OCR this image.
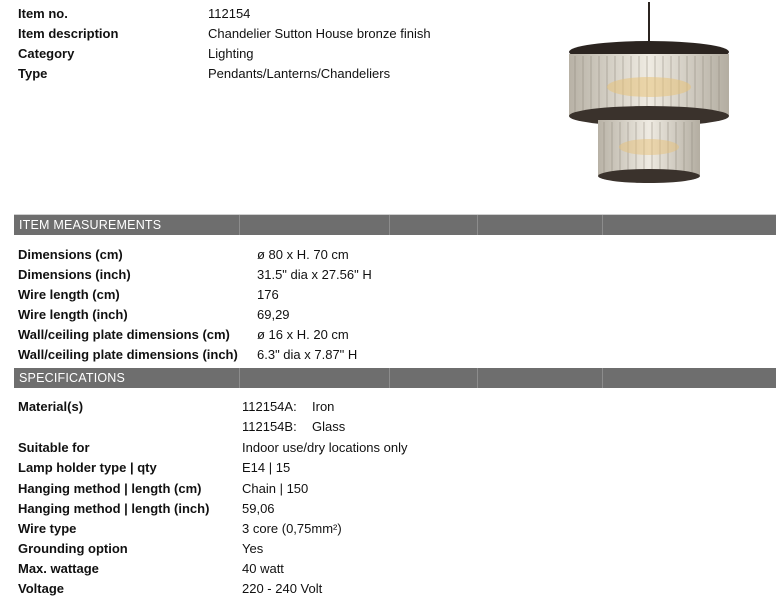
Item no.	112154
Item description	Chandelier Sutton House bronze finish
Category	Lighting
Type	Pendants/Lanterns/Chandeliers
ITEM MEASUREMENTS
Dimensions (cm)	ø 80 x H. 70 cm
Dimensions (inch)	31.5" dia x 27.56" H
Wire length (cm)	176
Wire length (inch)	69,29
Wall/ceiling plate dimensions (cm) ø 16 x H. 20 cm
Wall/ceiling plate dimensions (inch) 6.3" dia x 7.87" H
SPECIFICATIONS
Material(s)	112154A: Iron
112154B: Glass
Suitable for	Indoor use/dry locations only
Lamp holder type | qty	E14 | 15
Hanging method | length (cm)	Chain | 150
Hanging method | length (inch)	59,06
Wire type	3 core (0,75mm²)
Grounding option	Yes
Max. wattage	40 watt
Voltage	220 - 240 Volt
